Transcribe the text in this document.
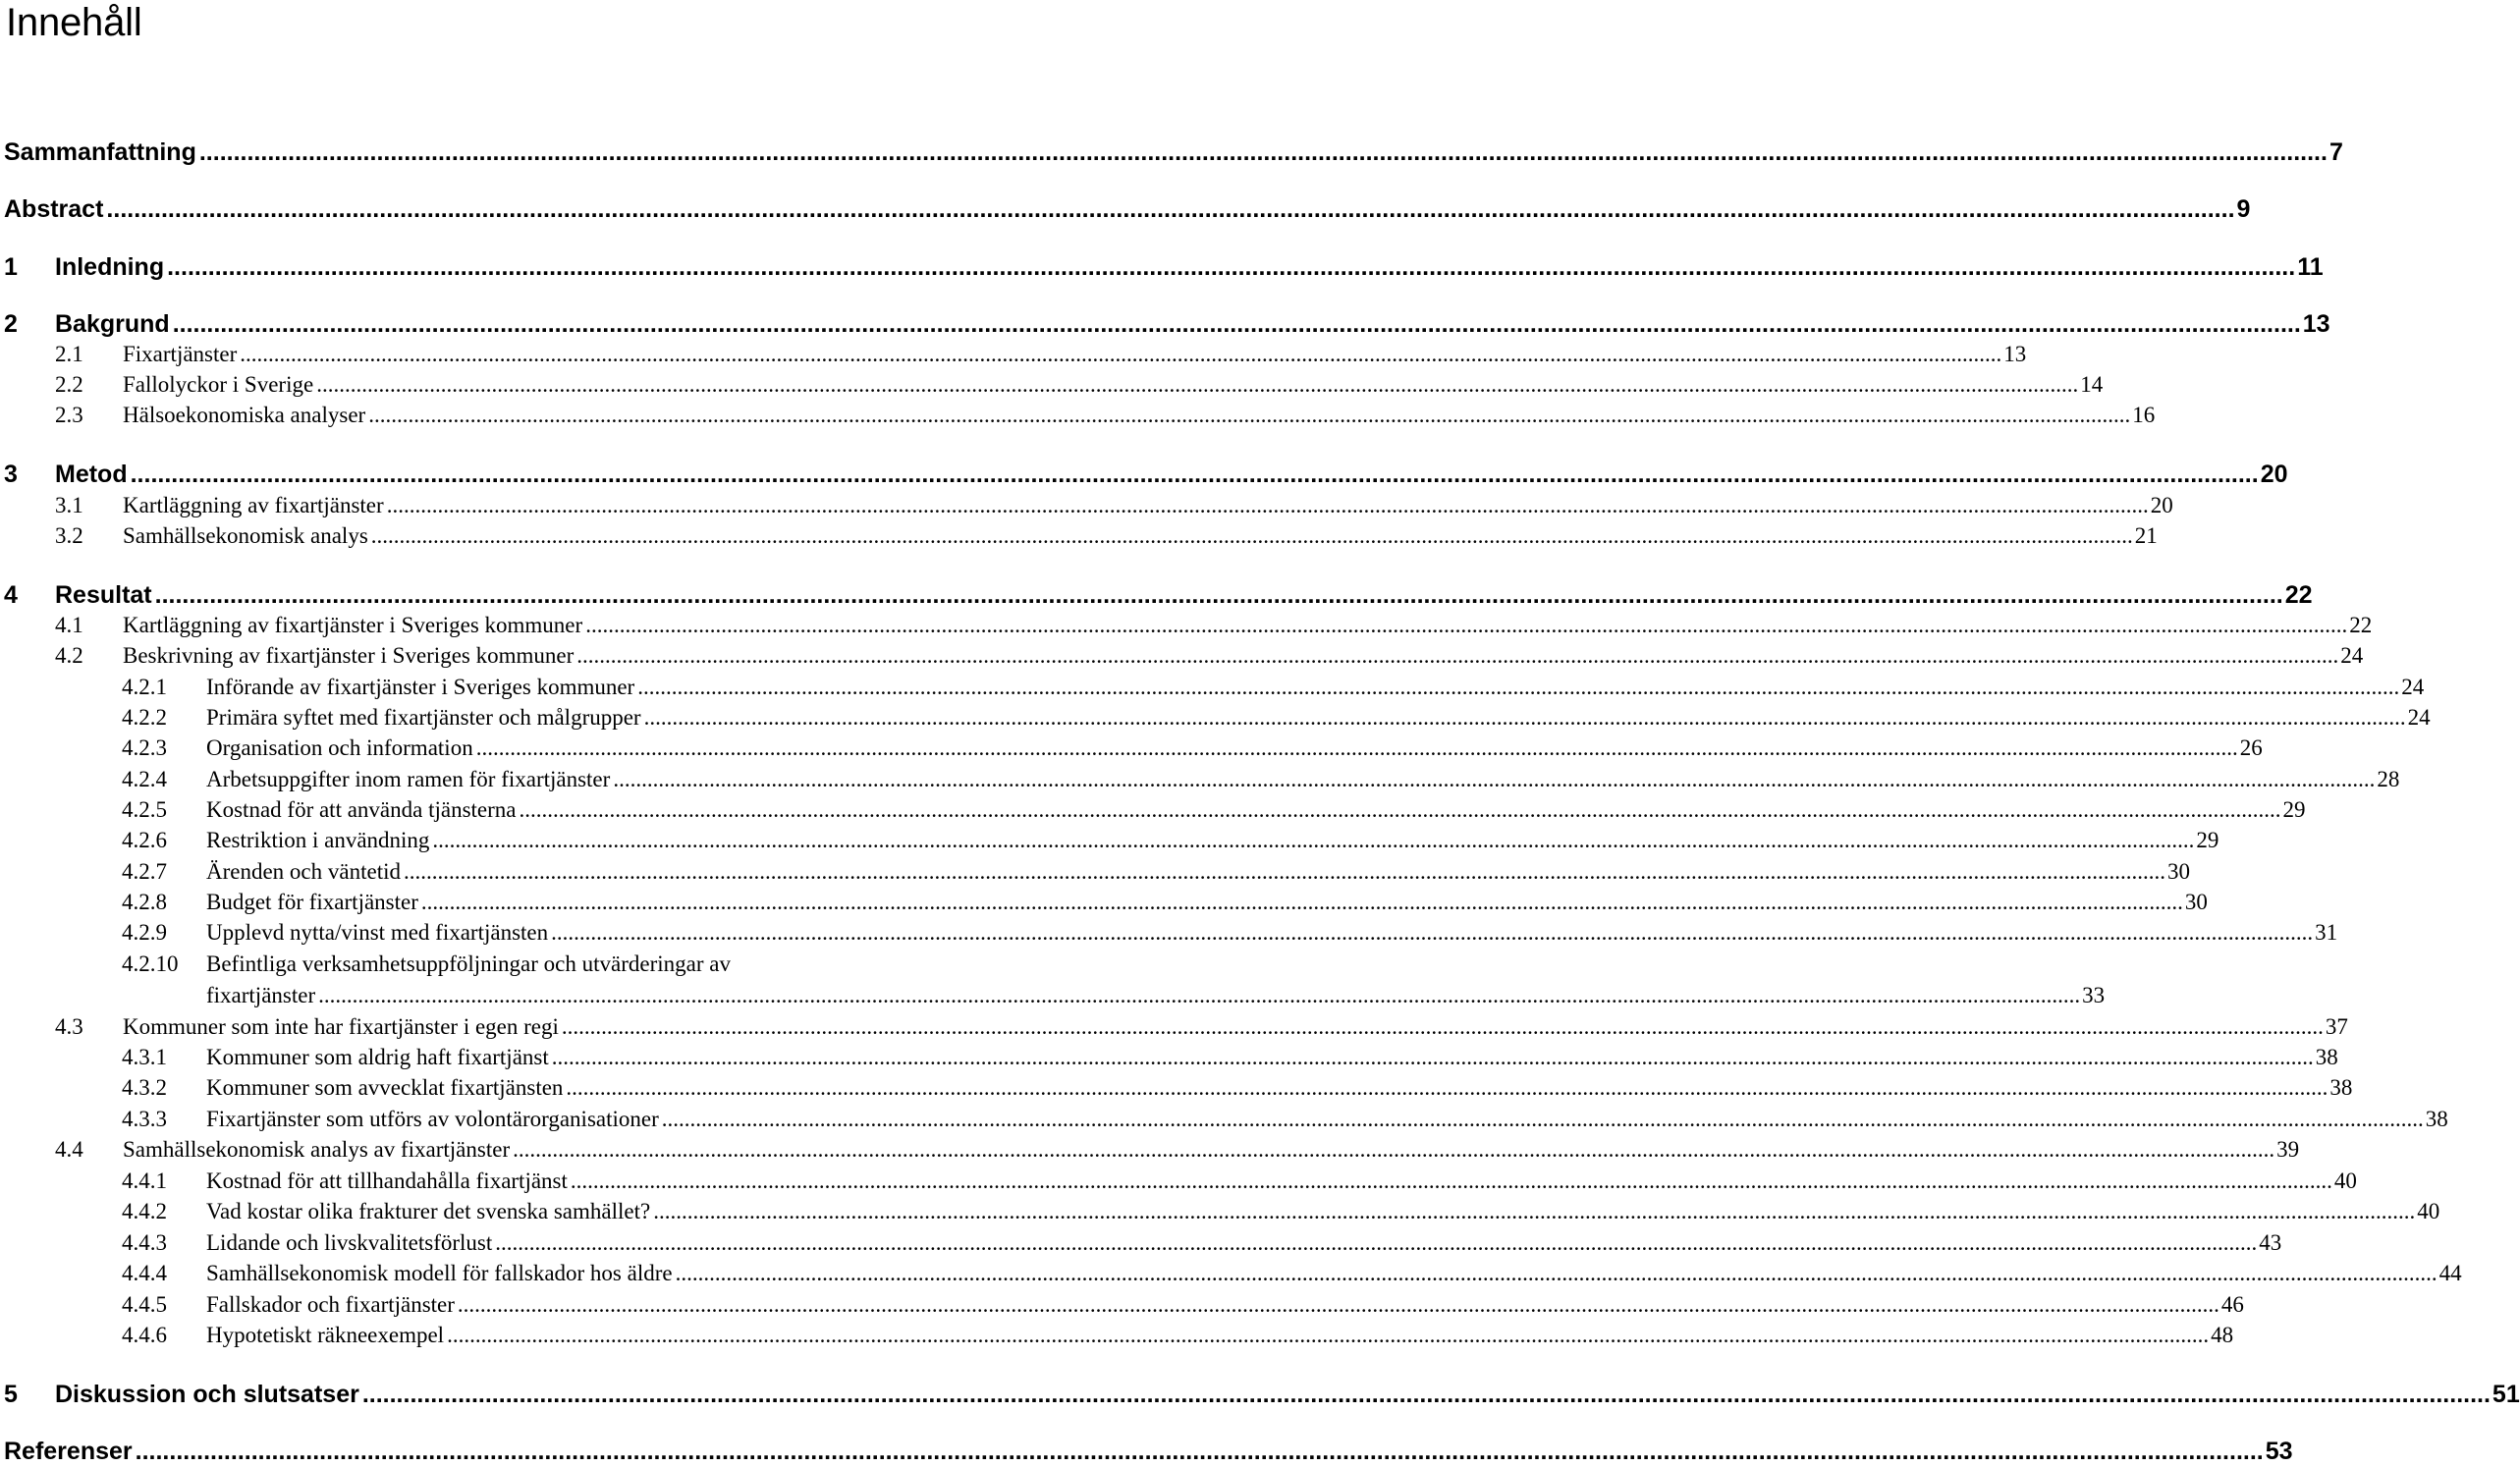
Innehåll
Sammanfattning .....	7
Abstract .....	9
1	Inledning .....	11
2	Bakgrund .....	13
2.1	Fixartjänster .....	13
2.2	Fallolyckor i Sverige .....	14
2.3	Hälsoekonomiska analyser .....	16
3	Metod .....	20
3.1	Kartläggning av fixartjänster .....	20
3.2	Samhällsekonomisk analys .....	21
4	Resultat .....	22
4.1	Kartläggning av fixartjänster i Sveriges kommuner .....	22
4.2	Beskrivning av fixartjänster i Sveriges kommuner .....	24
4.2.1	Införande av fixartjänster i Sveriges kommuner .....	24
4.2.2	Primära syftet med fixartjänster och målgrupper .....	24
4.2.3	Organisation och information .....	26
4.2.4	Arbetsuppgifter inom ramen för fixartjänster .....	28
4.2.5	Kostnad för att använda tjänsterna .....	29
4.2.6	Restriktion i användning .....	29
4.2.7	Ärenden och väntetid .....	30
4.2.8	Budget för fixartjänster .....	30
4.2.9	Upplevd nytta/vinst med fixartjänsten .....	31
4.2.10	Befintliga verksamhetsuppföljningar och utvärderingar av
fixartjänster .....	33
4.3	Kommuner som inte har fixartjänster i egen regi .....	37
4.3.1	Kommuner som aldrig haft fixartjänst .....	38
4.3.2	Kommuner som avvecklat fixartjänsten .....	38
4.3.3	Fixartjänster som utförs av volontärorganisationer .....	38
4.4	Samhällsekonomisk analys av fixartjänster .....	39
4.4.1	Kostnad för att tillhandahålla fixartjänst .....	40
4.4.2	Vad kostar olika frakturer det svenska samhället? .....	40
4.4.3	Lidande och livskvalitetsförlust .....	43
4.4.4	Samhällsekonomisk modell för fallskador hos äldre .....	44
4.4.5	Fallskador och fixartjänster .....	46
4.4.6	Hypotetiskt räkneexempel .....	48
5	Diskussion och slutsatser .....	51
Referenser .....	53
